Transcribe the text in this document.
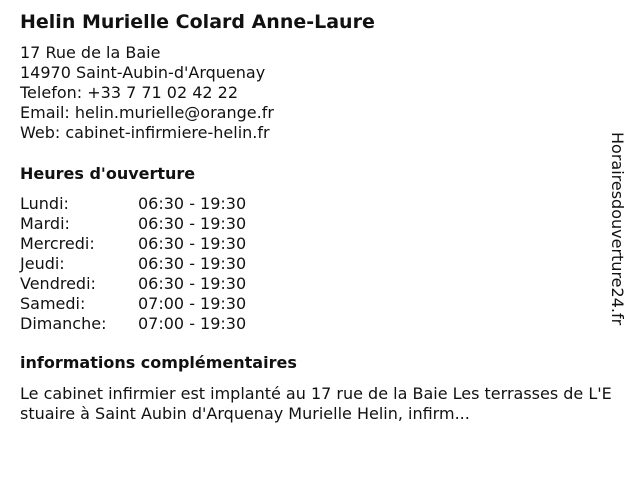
Helin Murielle Colard Anne-Laure
17 Rue de la Baie
14970 Saint-Aubin-d'Arquenay
Telefon: +33 7 71 02 42 22
Email: helin.murielle@orange.fr
Web: cabinet-infirmiere-helin.fr
Heures d'ouverture
Lundi:	06:30 - 19:30
Mardi:	06:30 - 19:30
Mercredi:	06:30 - 19:30
Jeudi:	06:30 - 19:30
Vendredi:	06:30 - 19:30
Samedi:	07:00 - 19:30
Dimanche: 07:00 - 19:30
informations complémentaires
Le cabinet infirmier est implanté au 17 rue de la Baie Les terrasses de L'Estuaire à Saint Aubin d'Arquenay Murielle Helin, infirm...
Horairesdouverture24.fr
